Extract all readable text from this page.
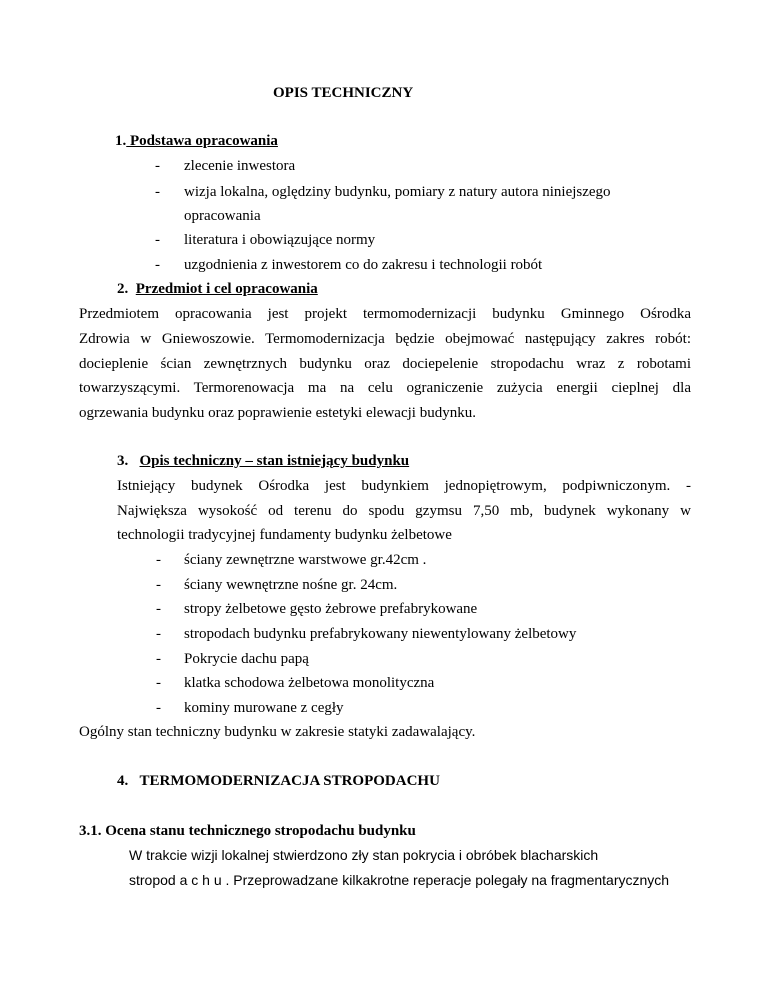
OPIS TECHNICZNY
1. Podstawa opracowania
- zlecenie inwestora
- wizja lokalna, oględziny budynku, pomiary z natury autora niniejszego
opracowania
- literatura i obowiązujące normy
- uzgodnienia z inwestorem co do zakresu i technologii robót
2. Przedmiot i cel opracowania
Przedmiotem opracowania jest projekt termomodernizacji budynku Gminnego Ośrodka
Zdrowia w Gniewoszowie. Termomodernizacja będzie obejmować następujący zakres robót:
docieplenie ścian zewnętrznych budynku oraz dociepelenie stropodachu wraz z robotami
towarzyszącymi. Termorenowacja ma na celu ograniczenie zużycia energii cieplnej dla
ogrzewania budynku oraz poprawienie estetyki elewacji budynku.
3. Opis techniczny – stan istniejący budynku
Istniejący budynek Ośrodka jest budynkiem jednopiętrowym, podpiwniczonym. -
Największa wysokość od terenu do spodu gzymsu 7,50 mb, budynek wykonany w
technologii tradycyjnej fundamenty budynku żelbetowe
- ściany zewnętrzne warstwowe gr.42cm .
- ściany wewnętrzne nośne gr. 24cm.
- stropy żelbetowe gęsto żebrowe prefabrykowane
- stropodach budynku prefabrykowany niewentylowany żelbetowy
- Pokrycie dachu papą
- klatka schodowa żelbetowa monolityczna
- kominy murowane z cegły
Ogólny stan techniczny budynku w zakresie statyki zadawalający.
4. TERMOMODERNIZACJA STROPODACHU
3.1. Ocena stanu technicznego stropodachu budynku
W trakcie wizji lokalnej stwierdzono zły stan pokrycia i obróbek blacharskich
stropod a c h u . Przeprowadzane kilkakrotne reperacje polegały na fragmentarycznych
